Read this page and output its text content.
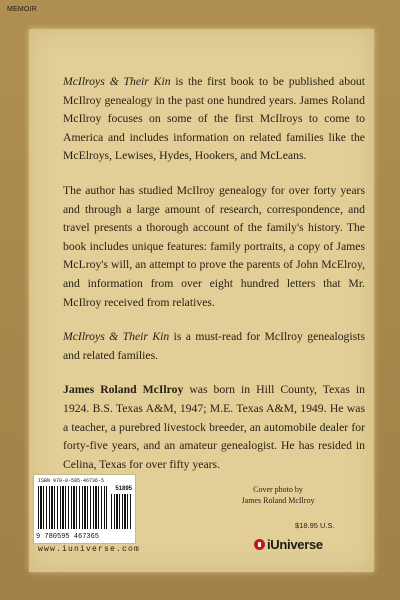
MEMOIR

McIlroys & Their Kin is the first book to be published about McIlroy genealogy in the past one hundred years. James Roland McIlroy focuses on some of the first McIlroys to come to America and includes information on related families like the McElroys, Lewises, Hydes, Hookers, and McLeans.

The author has studied McIlroy genealogy for over forty years and through a large amount of research, correspondence, and travel presents a thorough account of the family's history. The book includes unique features: family portraits, a copy of James McLroy's will, an attempt to prove the parents of John McElroy, and information from over eight hundred letters that Mr. McIlroy received from relatives.

McIlroys & Their Kin is a must-read for McIlroy genealogists and related families.

James Roland McIlroy was born in Hill County, Texas in 1924. B.S. Texas A&M, 1947; M.E. Texas A&M, 1949. He was a teacher, a purebred livestock breeder, an automobile dealer for forty-five years, and an amateur genealogist. He has resided in Celina, Texas for over fifty years.

ISBN 978-0-595-46736-5
51895
9 780595 467365
www.iuniverse.com
Cover photo by
James Roland McIlroy
$18.95 U.S.
iUniverse
